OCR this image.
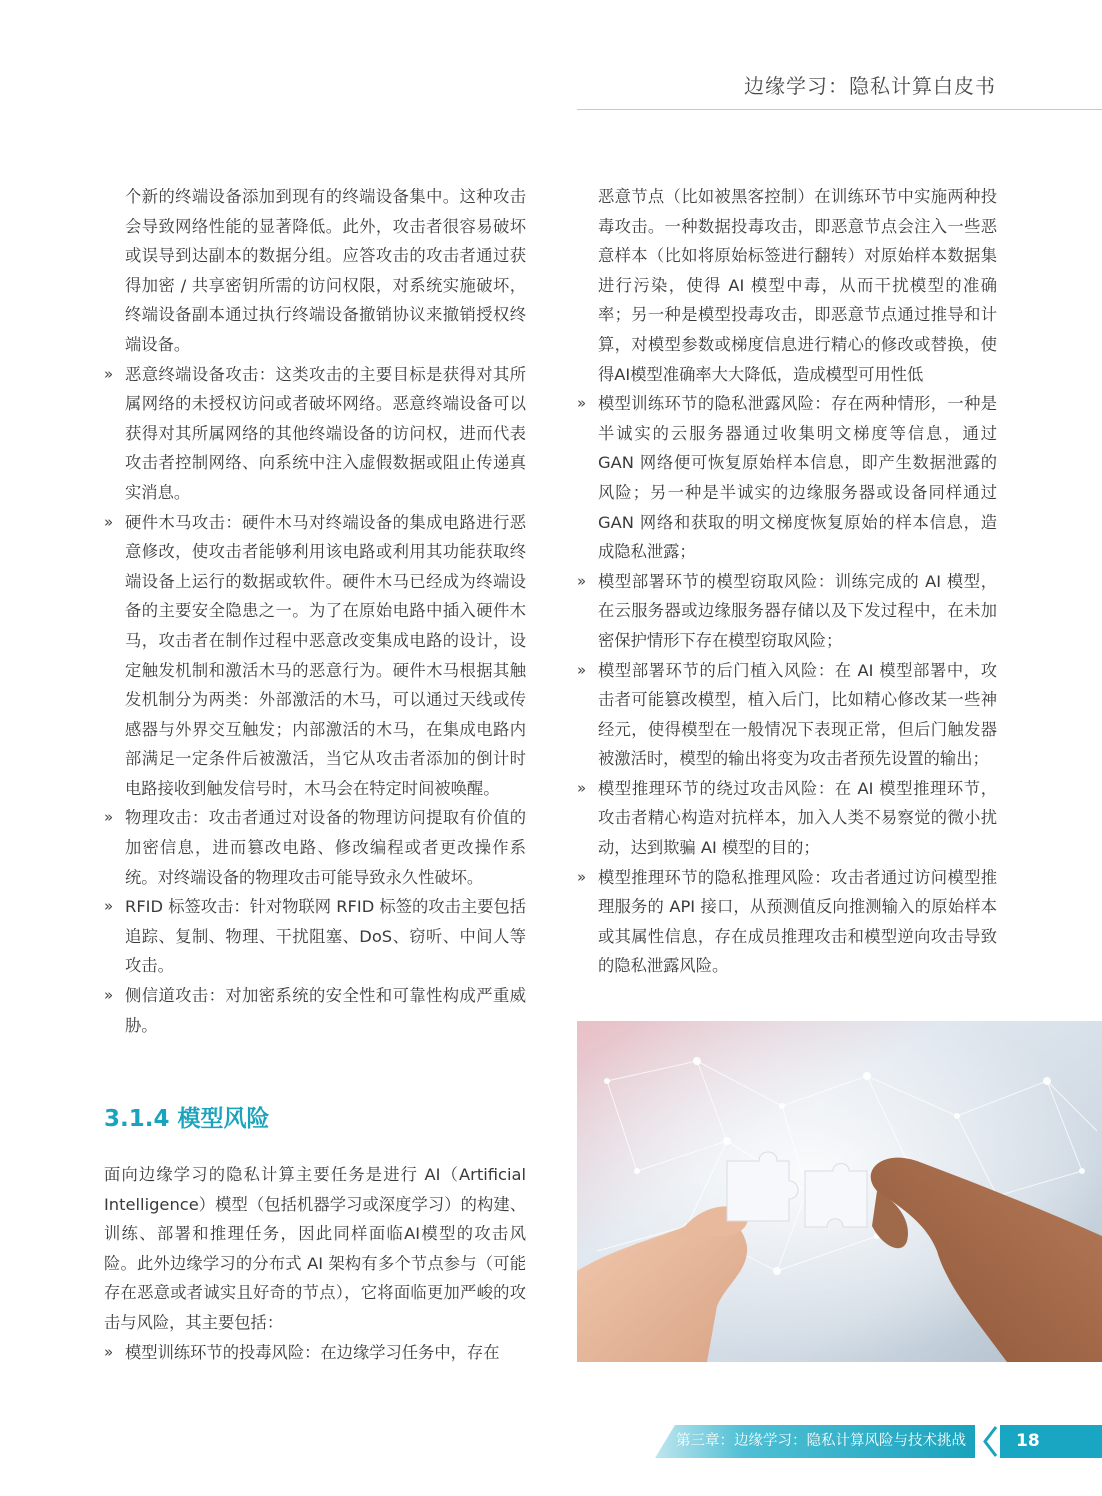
边缘学习：隐私计算白皮书

个新的终端设备添加到现有的终端设备集中。这种攻击会导致网络性能的显著降低。此外，攻击者很容易破坏或误导到达副本的数据分组。应答攻击的攻击者通过获得加密 / 共享密钥所需的访问权限，对系统实施破坏，终端设备副本通过执行终端设备撤销协议来撤销授权终端设备。

» 恶意终端设备攻击：这类攻击的主要目标是获得对其所属网络的未授权访问或者破坏网络。恶意终端设备可以获得对其所属网络的其他终端设备的访问权，进而代表攻击者控制网络、向系统中注入虚假数据或阻止传递真实消息。
» 硬件木马攻击：硬件木马对终端设备的集成电路进行恶意修改，使攻击者能够利用该电路或利用其功能获取终端设备上运行的数据或软件。硬件木马已经成为终端设备的主要安全隐患之一。为了在原始电路中插入硬件木马，攻击者在制作过程中恶意改变集成电路的设计，设定触发机制和激活木马的恶意行为。硬件木马根据其触发机制分为两类：外部激活的木马，可以通过天线或传感器与外界交互触发；内部激活的木马，在集成电路内部满足一定条件后被激活，当它从攻击者添加的倒计时电路接收到触发信号时，木马会在特定时间被唤醒。
» 物理攻击：攻击者通过对设备的物理访问提取有价值的加密信息，进而篡改电路、修改编程或者更改操作系统。对终端设备的物理攻击可能导致永久性破坏。
» RFID 标签攻击：针对物联网 RFID 标签的攻击主要包括追踪、复制、物理、干扰阻塞、DoS、窃听、中间人等攻击。
» 侧信道攻击：对加密系统的安全性和可靠性构成严重威胁。
3.1.4 模型风险

面向边缘学习的隐私计算主要任务是进行 AI（Artificial Intelligence）模型（包括机器学习或深度学习）的构建、训练、部署和推理任务，因此同样面临AI模型的攻击风险。此外边缘学习的分布式 AI 架构有多个节点参与（可能存在恶意或者诚实且好奇的节点），它将面临更加严峻的攻击与风险，其主要包括：

» 模型训练环节的投毒风险：在边缘学习任务中，存在

恶意节点（比如被黑客控制）在训练环节中实施两种投毒攻击。一种数据投毒攻击，即恶意节点会注入一些恶意样本（比如将原始标签进行翻转）对原始样本数据集进行污染，使得 AI 模型中毒，从而干扰模型的准确率；另一种是模型投毒攻击，即恶意节点通过推导和计算，对模型参数或梯度信息进行精心的修改或替换，使得AI模型准确率大大降低，造成模型可用性低

» 模型训练环节的隐私泄露风险：存在两种情形，一种是半诚实的云服务器通过收集明文梯度等信息，通过 GAN 网络便可恢复原始样本信息，即产生数据泄露的风险；另一种是半诚实的边缘服务器或设备同样通过 GAN 网络和获取的明文梯度恢复原始的样本信息，造成隐私泄露；
» 模型部署环节的模型窃取风险：训练完成的 AI 模型，在云服务器或边缘服务器存储以及下发过程中，在未加密保护情形下存在模型窃取风险；
» 模型部署环节的后门植入风险：在 AI 模型部署中，攻击者可能篡改模型，植入后门，比如精心修改某一些神经元，使得模型在一般情况下表现正常，但后门触发器被激活时，模型的输出将变为攻击者预先设置的输出；
» 模型推理环节的绕过攻击风险：在 AI 模型推理环节，攻击者精心构造对抗样本，加入人类不易察觉的微小扰动，达到欺骗 AI 模型的目的；
» 模型推理环节的隐私推理风险：攻击者通过访问模型推理服务的 API 接口，从预测值反向推测输入的原始样本或其属性信息，存在成员推理攻击和模型逆向攻击导致的隐私泄露风险。
第三章：边缘学习：隐私计算风险与技术挑战	18
